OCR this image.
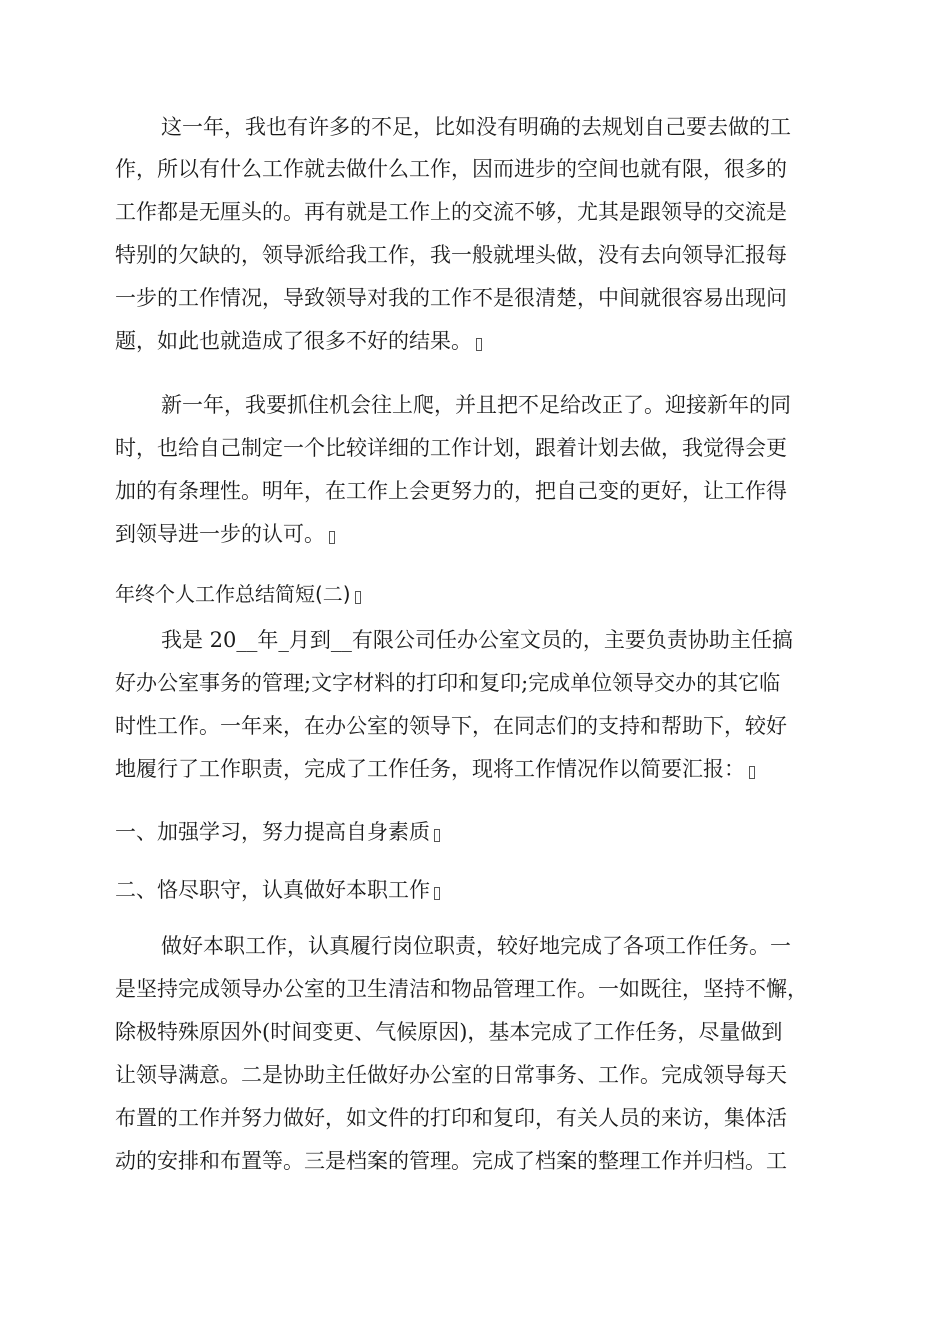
这一年，我也有许多的不足，比如没有明确的去规划自己要去做的工
作，所以有什么工作就去做什么工作，因而进步的空间也就有限，很多的
工作都是无厘头的。再有就是工作上的交流不够，尤其是跟领导的交流是
特别的欠缺的，领导派给我工作，我一般就埋头做，没有去向领导汇报每
一步的工作情况，导致领导对我的工作不是很清楚，中间就很容易出现问
题，如此也就造成了很多不好的结果。
新一年，我要抓住机会往上爬，并且把不足给改正了。迎接新年的同
时，也给自己制定一个比较详细的工作计划，跟着计划去做，我觉得会更
加的有条理性。明年，在工作上会更努力的，把自己变的更好，让工作得
到领导进一步的认可。
年终个人工作总结简短(二)
我是 20__年_月到__有限公司任办公室文员的，主要负责协助主任搞
好办公室事务的管理;文字材料的打印和复印;完成单位领导交办的其它临
时性工作。一年来，在办公室的领导下，在同志们的支持和帮助下，较好
地履行了工作职责，完成了工作任务，现将工作情况作以简要汇报：
一、加强学习，努力提高自身素质
二、恪尽职守，认真做好本职工作
做好本职工作，认真履行岗位职责，较好地完成了各项工作任务。一
是坚持完成领导办公室的卫生清洁和物品管理工作。一如既往，坚持不懈，
除极特殊原因外(时间变更、气候原因)，基本完成了工作任务，尽量做到
让领导满意。二是协助主任做好办公室的日常事务、工作。完成领导每天
布置的工作并努力做好，如文件的打印和复印，有关人员的来访，集体活
动的安排和布置等。三是档案的管理。完成了档案的整理工作并归档。工
